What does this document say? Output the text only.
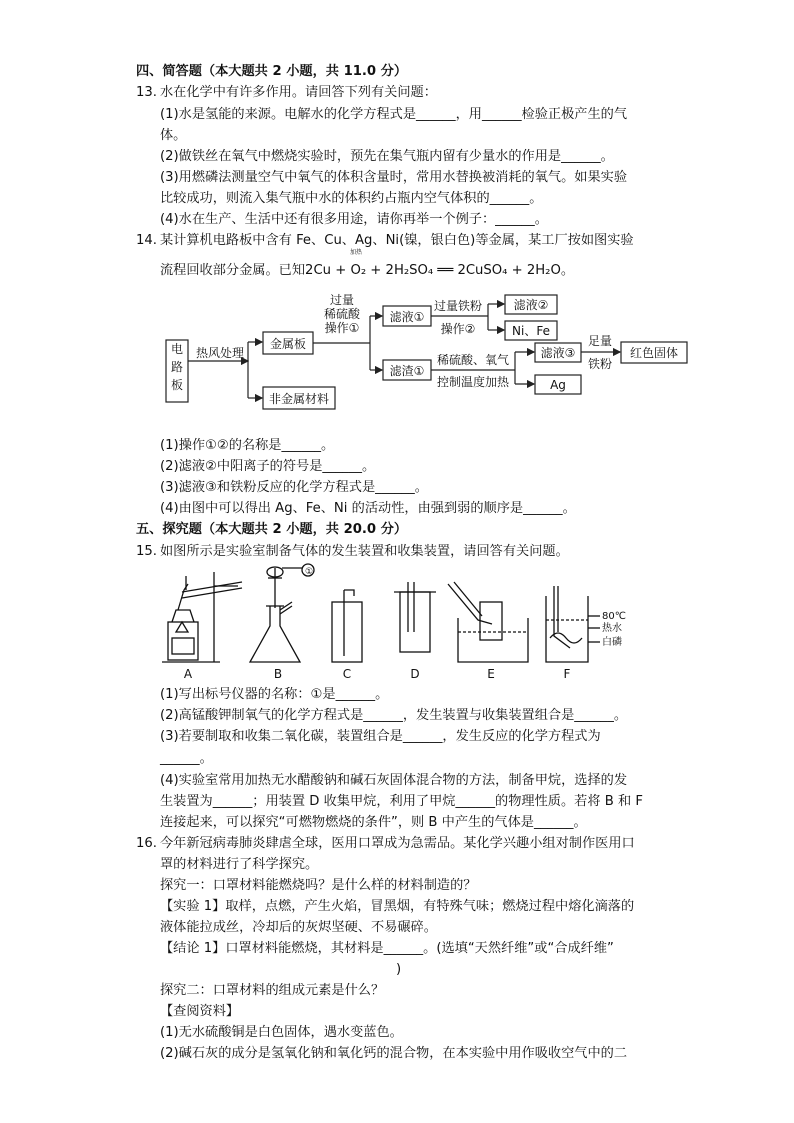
四、简答题（本大题共 2 小题，共 11.0 分）
13. 水在化学中有许多作用。请回答下列有关问题：
(1)水是氢能的来源。电解水的化学方程式是______，用______检验正极产生的气
体。
(2)做铁丝在氧气中燃烧实验时，预先在集气瓶内留有少量水的作用是______。
(3)用燃磷法测量空气中氧气的体积含量时，常用水替换被消耗的氧气。如果实验
比较成功，则流入集气瓶中水的体积约占瓶内空气体积的______。
(4)水在生产、生活中还有很多用途，请你再举一个例子：______。
14. 某计算机电路板中含有 Fe、Cu、Ag、Ni(镍，银白色)等金属，某工厂按如图实验
加热
流程回收部分金属。已知2Cu + O₂ + 2H₂SO₄ ══ 2CuSO₄ + 2H₂O。
电
路
板
热风处理
金属板
非金属材料
过量
稀硫酸
操作①
滤液①
滤渣①
过量铁粉
操作②
滤液②
Ni、Fe
稀硫酸、氧气
控制温度加热
滤液③
Ag
足量
铁粉
红色固体
(1)操作①②的名称是______。
(2)滤液②中阳离子的符号是______。
(3)滤液③和铁粉反应的化学方程式是______。
(4)由图中可以得出 Ag、Fe、Ni 的活动性，由强到弱的顺序是______。
五、探究题（本大题共 2 小题，共 20.0 分）
15. 如图所示是实验室制备气体的发生装置和收集装置，请回答有关问题。
①
80℃
热水
白磷
A	B	C	D	E	F
(1)写出标号仪器的名称：①是______。
(2)高锰酸钾制氧气的化学方程式是______，发生装置与收集装置组合是______。
(3)若要制取和收集二氧化碳，装置组合是______，发生反应的化学方程式为
______。
(4)实验室常用加热无水醋酸钠和碱石灰固体混合物的方法，制备甲烷，选择的发
生装置为______；用装置 D 收集甲烷，利用了甲烷______的物理性质。若将 B 和 F
连接起来，可以探究“可燃物燃烧的条件”，则 B 中产生的气体是______。
16. 今年新冠病毒肺炎肆虐全球，医用口罩成为急需品。某化学兴趣小组对制作医用口
罩的材料进行了科学探究。
探究一：口罩材料能燃烧吗？是什么样的材料制造的？
【实验 1】取样，点燃，产生火焰，冒黑烟，有特殊气味；燃烧过程中熔化滴落的
液体能拉成丝，冷却后的灰烬坚硬、不易碾碎。
【结论 1】口罩材料能燃烧，其材料是______。(选填“天然纤维”或“合成纤维”
)
探究二：口罩材料的组成元素是什么？
【查阅资料】
(1)无水硫酸铜是白色固体，遇水变蓝色。
(2)碱石灰的成分是氢氧化钠和氧化钙的混合物，在本实验中用作吸收空气中的二
